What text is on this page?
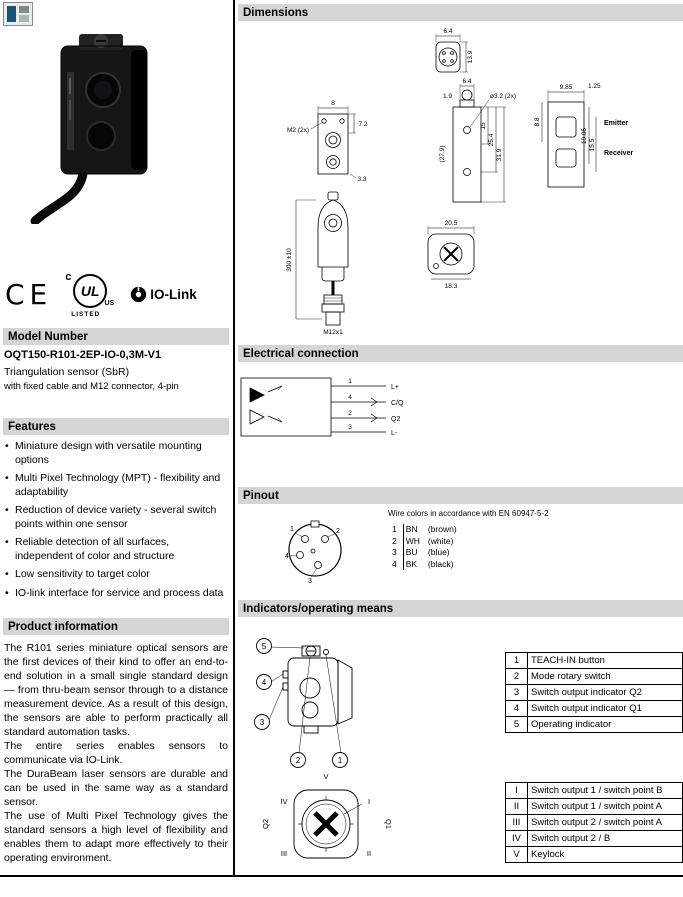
CE
c
UL
US
LISTED
IO-Link
Model Number
OQT150-R101-2EP-IO-0,3M-V1
Triangulation sensor (SbR)
with fixed cable and M12 connector, 4-pin
Features
• Miniature design with versatile mounting options
• Multi Pixel Technology (MPT) - flexibility and adaptability
• Reduction of device variety - several switch points within one sensor
• Reliable detection of all surfaces, independent of color and structure
• Low sensitivity to target color
• IO-link interface for service and process data
Product information

The R101 series miniature optical sensors are the first devices of their kind to offer an end-to-end solution in a small single standard design — from thru-beam sensor through to a distance measurement device. As a result of this design, the sensors are able to perform practically all standard automation tasks.

The entire series enables sensors to communicate via IO-Link.

The DuraBeam laser sensors are durable and can be used in the same way as a standard sensor.

The use of Multi Pixel Technology gives the standard sensors a high level of flexibility and enables them to adapt more effectively to their operating environment.

Dimensions
6.4
13.9
8
7.2
M2 (2x)
3.3
300 ±10
M12x1
6.4
ø3.2 (2x)
1.9
(27.9)
15
25.4
31.9
9.85 1.25
8.8
19.05
15.5
Emitter
Receiver
20.5
18.3
Electrical connection
1
4
2
3
L+
C/Q
Q2
L-
Pinout
1	2
3
4
Wire colors in accordance with EN 60947-5-2
1	BN	(brown)
2	WH	(white)
3	BU	(blue)
4	BK	(black)
Indicators/operating means
5
4
3
2	1
1	TEACH-IN button
2	Mode rotary switch
3	Switch output indicator Q2
4	Switch output indicator Q1
5	Operating indicator
V
IV	I
III	II
Q2	Q1
I	Switch output 1 / switch point B
II	Switch output 1 / switch point A
III	Switch output 2 / switch point A
IV	Switch output 2 / B
V	Keylock
